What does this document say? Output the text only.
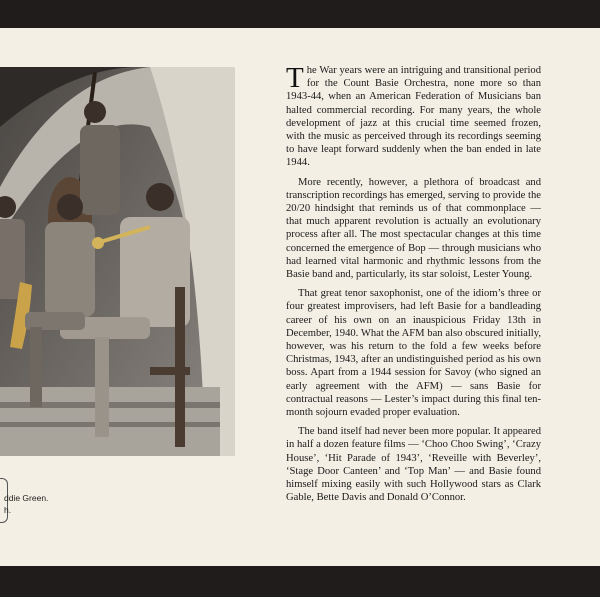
ddie Green.
h.

The War years were an intriguing and transitional period for the Count Basie Orchestra, none more so than 1943-44, when an American Federation of Musicians ban halted commercial recording. For many years, the whole development of jazz at this crucial time seemed frozen, with the music as perceived through its recordings seeming to have leapt forward suddenly when the ban ended in late 1944.

More recently, however, a plethora of broadcast and transcription recordings has emerged, serving to provide the 20/20 hindsight that reminds us of that commonplace — that much apparent revolution is actually an evolutionary process after all. The most spectacular changes at this time concerned the emergence of Bop — through musicians who had learned vital harmonic and rhythmic lessons from the Basie band and, particularly, its star soloist, Lester Young.

That great tenor saxophonist, one of the idiom’s three or four greatest improvisers, had left Basie for a bandleading career of his own on an inauspicious Friday 13th in December, 1940. What the AFM ban also obscured initially, however, was his return to the fold a few weeks before Christmas, 1943, after an undistinguished period as his own boss. Apart from a 1944 session for Savoy (who signed an early agreement with the AFM) — sans Basie for contractual reasons — Lester’s impact during this final ten-month sojourn evaded proper evaluation.

The band itself had never been more popular. It appeared in half a dozen feature films — ‘Choo Choo Swing’, ‘Crazy House’, ‘Hit Parade of 1943’, ‘Reveille with Beverley’, ‘Stage Door Canteen’ and ‘Top Man’ — and Basie found himself mixing easily with such Hollywood stars as Clark Gable, Bette Davis and Donald O’Connor.
